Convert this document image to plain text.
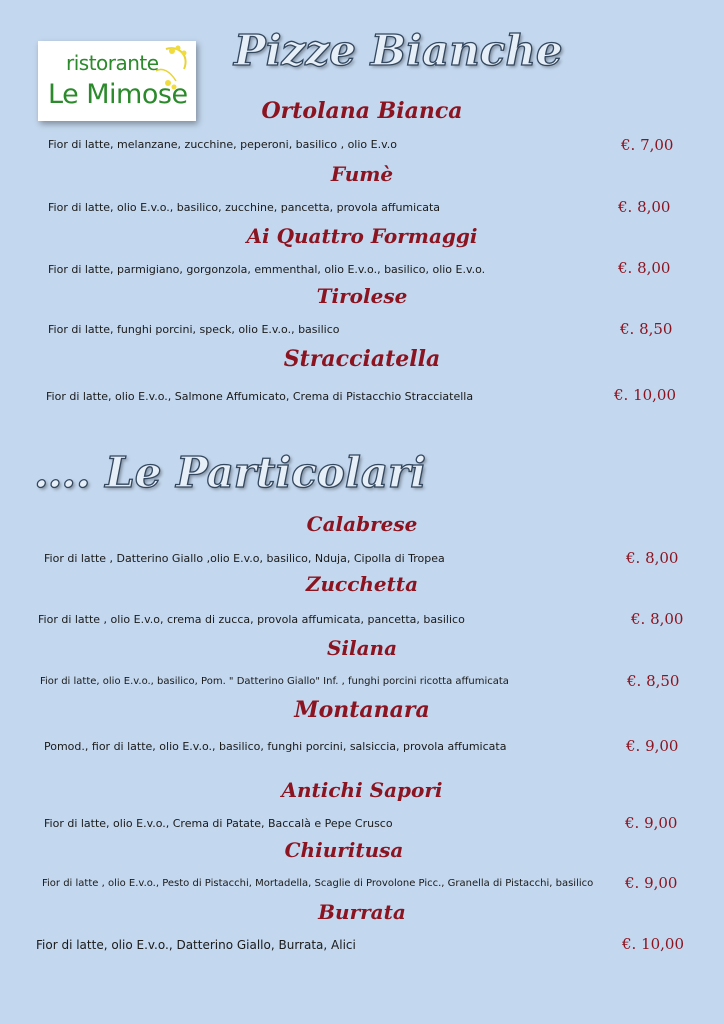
ristorante
Le Mimose
Pizze Bianche
Ortolana Bianca
Fior di latte, melanzane, zucchine, peperoni, basilico , olio E.v.o	€. 7,00
Fumè
Fior di latte, olio E.v.o., basilico, zucchine, pancetta, provola affumicata	€. 8,00
Ai Quattro Formaggi
Fior di latte, parmigiano, gorgonzola, emmenthal, olio E.v.o., basilico, olio E.v.o.	€. 8,00
Tirolese
Fior di latte, funghi porcini, speck, olio E.v.o., basilico	€. 8,50
Stracciatella
Fior di latte, olio E.v.o., Salmone Affumicato, Crema di Pistacchio Stracciatella	€. 10,00
…. Le Particolari
Calabrese
Fior di latte , Datterino Giallo ,olio E.v.o, basilico, Nduja, Cipolla di Tropea	€. 8,00
Zucchetta
Fior di latte , olio E.v.o, crema di zucca, provola affumicata, pancetta, basilico	€. 8,00
Silana
Fior di latte, olio E.v.o., basilico, Pom. " Datterino Giallo" Inf. , funghi porcini ricotta affumicata	€. 8,50
Montanara
Pomod., fior di latte, olio E.v.o., basilico, funghi porcini, salsiccia, provola affumicata	€. 9,00
Antichi Sapori
Fior di latte, olio E.v.o., Crema di Patate, Baccalà e Pepe Crusco	€. 9,00
Chiuritusa
Fior di latte , olio E.v.o., Pesto di Pistacchi, Mortadella, Scaglie di Provolone Picc., Granella di Pistacchi, basilico €. 9,00
Burrata
Fior di latte, olio E.v.o., Datterino Giallo, Burrata, Alici	€. 10,00
